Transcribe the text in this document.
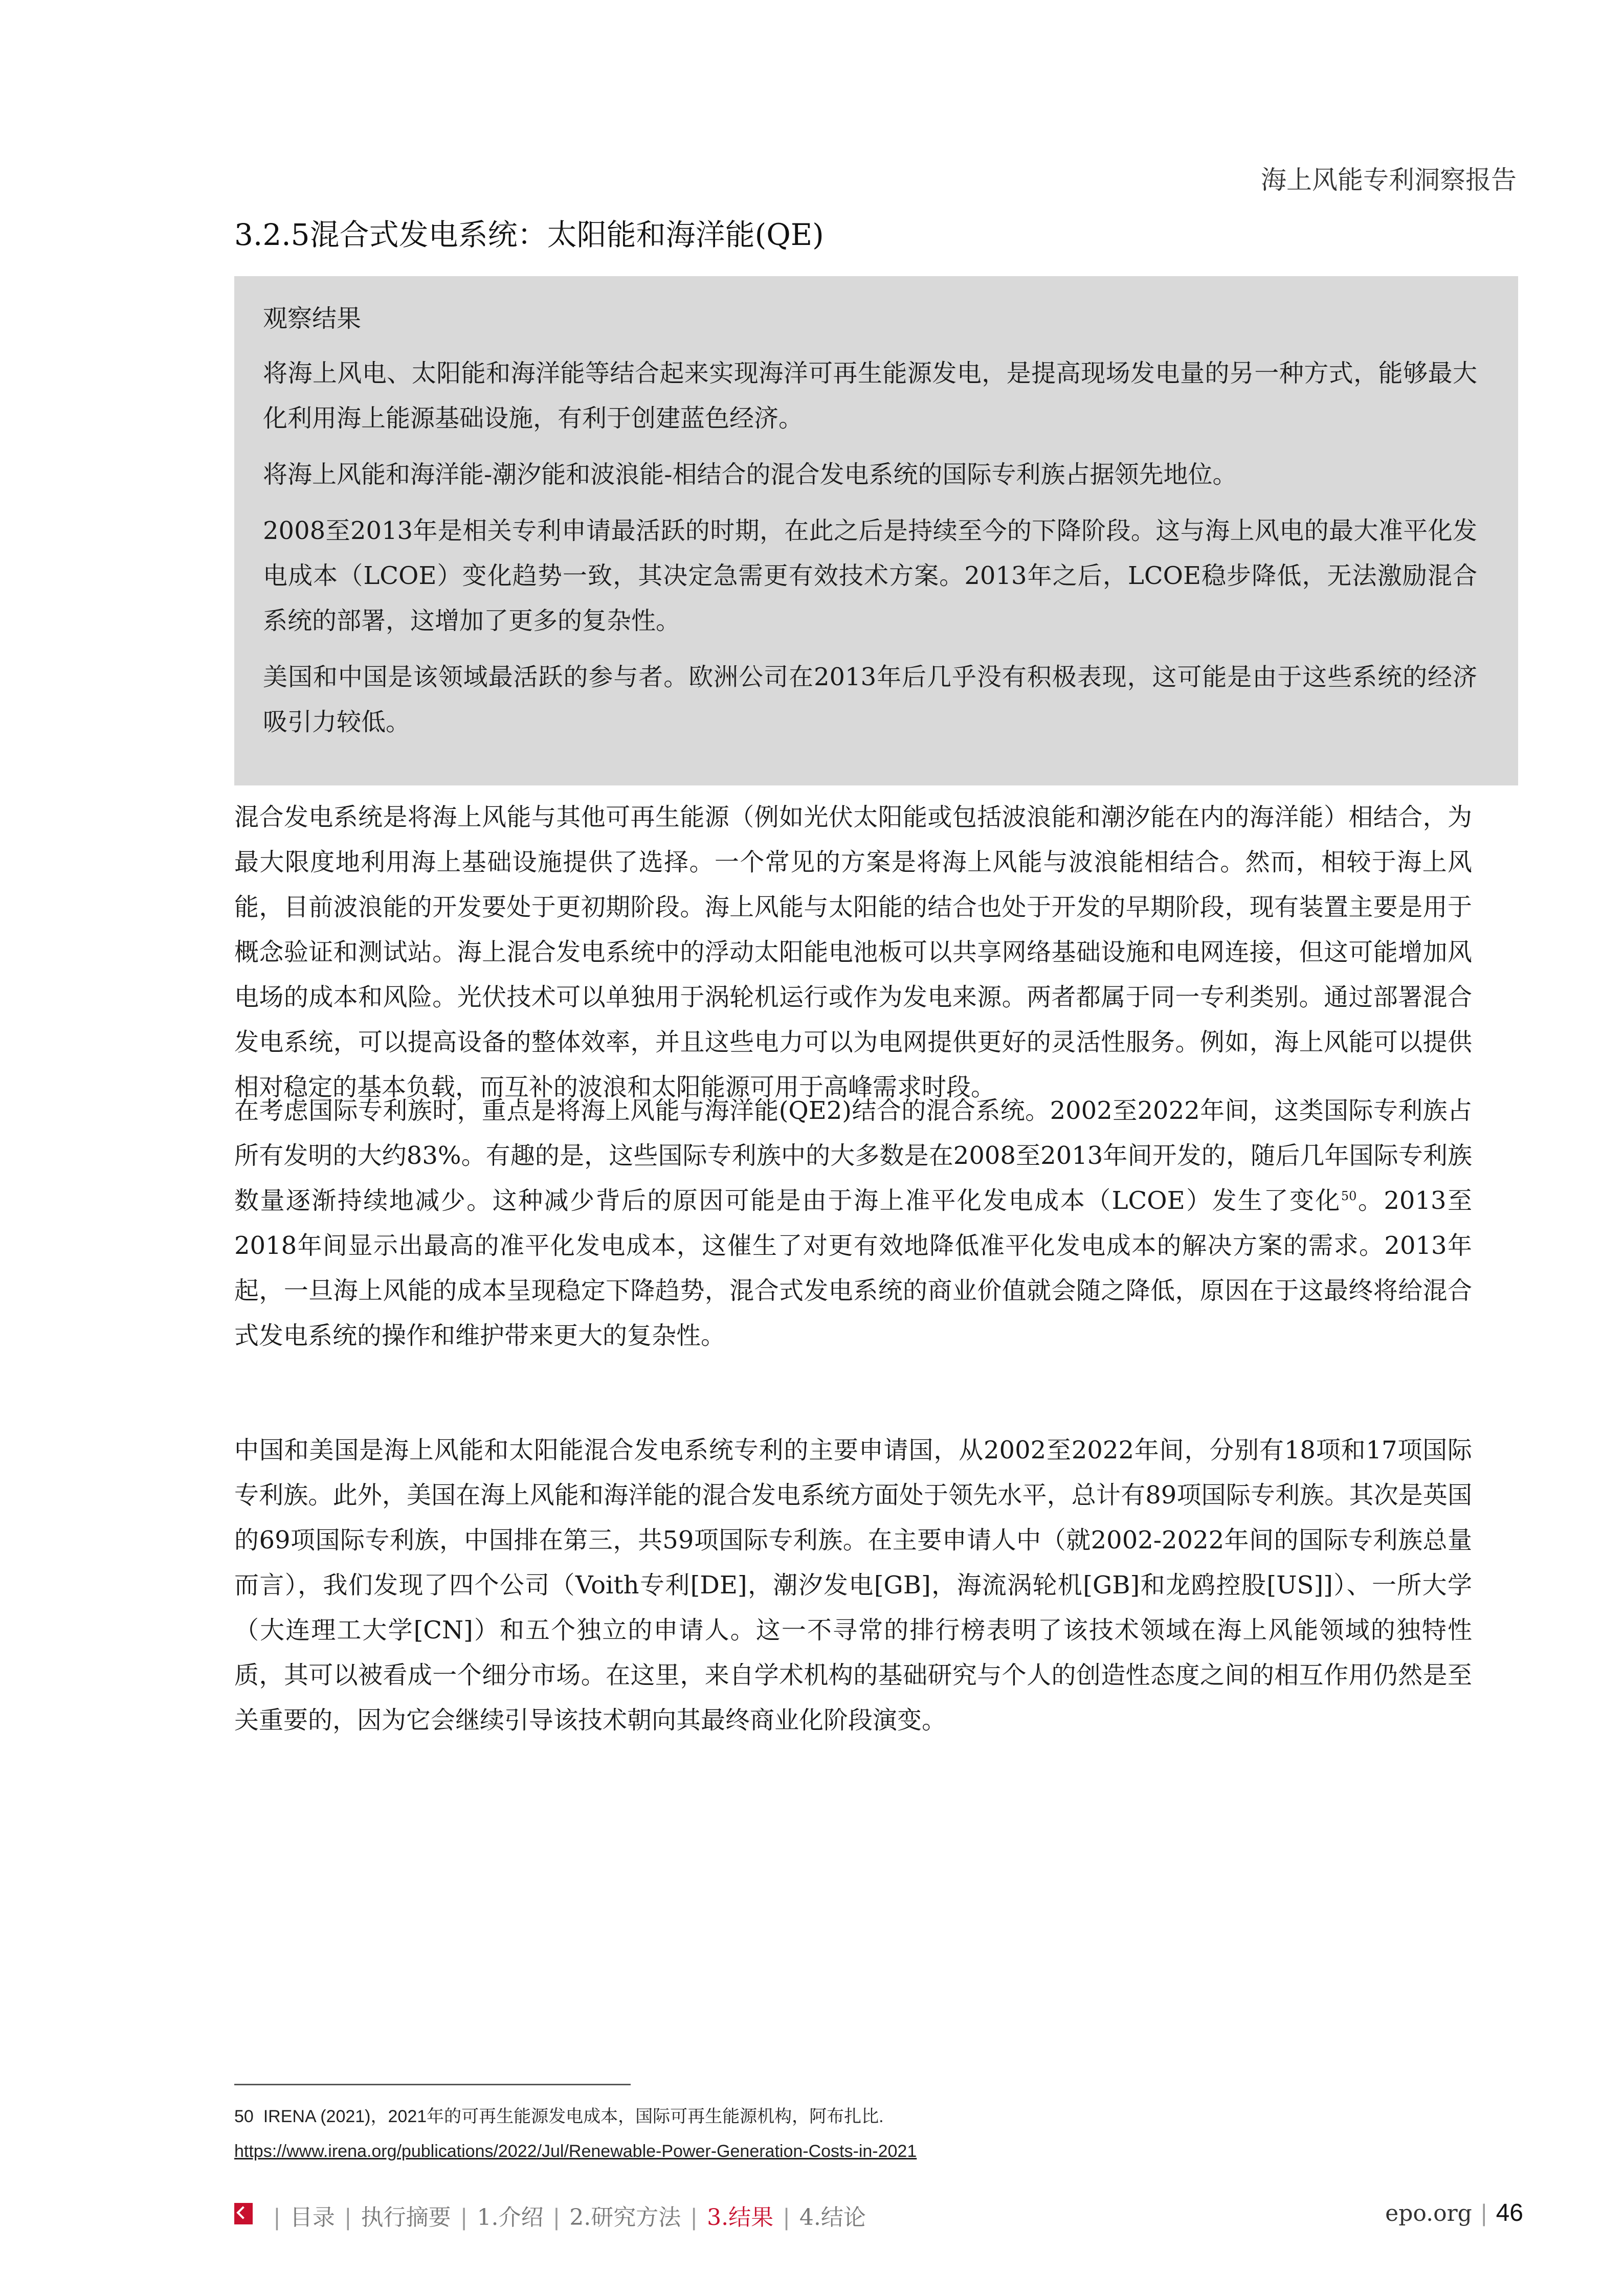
海上风能专利洞察报告
3.2.5混合式发电系统：太阳能和海洋能(QE)

观察结果

将海上风电、太阳能和海洋能等结合起来实现海洋可再生能源发电，是提高现场发电量的另一种方式，能够最大化利用海上能源基础设施，有利于创建蓝色经济。

将海上风能和海洋能-潮汐能和波浪能-相结合的混合发电系统的国际专利族占据领先地位。

2008至2013年是相关专利申请最活跃的时期，在此之后是持续至今的下降阶段。这与海上风电的最大准平化发电成本（LCOE）变化趋势一致，其决定急需更有效技术方案。2013年之后，LCOE稳步降低，无法激励混合系统的部署，这增加了更多的复杂性。

美国和中国是该领域最活跃的参与者。欧洲公司在2013年后几乎没有积极表现，这可能是由于这些系统的经济吸引力较低。

混合发电系统是将海上风能与其他可再生能源（例如光伏太阳能或包括波浪能和潮汐能在内的海洋能）相结合，为最大限度地利用海上基础设施提供了选择。一个常见的方案是将海上风能与波浪能相结合。然而，相较于海上风能，目前波浪能的开发要处于更初期阶段。海上风能与太阳能的结合也处于开发的早期阶段，现有装置主要是用于概念验证和测试站。海上混合发电系统中的浮动太阳能电池板可以共享网络基础设施和电网连接，但这可能增加风电场的成本和风险。光伏技术可以单独用于涡轮机运行或作为发电来源。两者都属于同一专利类别。通过部署混合发电系统，可以提高设备的整体效率，并且这些电力可以为电网提供更好的灵活性服务。例如，海上风能可以提供相对稳定的基本负载，而互补的波浪和太阳能源可用于高峰需求时段。

在考虑国际专利族时，重点是将海上风能与海洋能(QE2)结合的混合系统。2002至2022年间，这类国际专利族占所有发明的大约83%。有趣的是，这些国际专利族中的大多数是在2008至2013年间开发的，随后几年国际专利族数量逐渐持续地减少。这种减少背后的原因可能是由于海上准平化发电成本（LCOE）发生了变化$^{50}$。2013至2018年间显示出最高的准平化发电成本，这催生了对更有效地降低准平化发电成本的解决方案的需求。2013年起，一旦海上风能的成本呈现稳定下降趋势，混合式发电系统的商业价值就会随之降低，原因在于这最终将给混合式发电系统的操作和维护带来更大的复杂性。

中国和美国是海上风能和太阳能混合发电系统专利的主要申请国，从2002至2022年间，分别有18项和17项国际专利族。此外，美国在海上风能和海洋能的混合发电系统方面处于领先水平，总计有89项国际专利族。其次是英国的69项国际专利族，中国排在第三，共59项国际专利族。在主要申请人中（就2002-2022年间的国际专利族总量而言），我们发现了四个公司（Voith专利[DE]，潮汐发电[GB]，海流涡轮机[GB]和龙鸥控股[US]]）、一所大学（大连理工大学[CN]）和五个独立的申请人。这一不寻常的排行榜表明了该技术领域在海上风能领域的独特性质，其可以被看成一个细分市场。在这里，来自学术机构的基础研究与个人的创造性态度之间的相互作用仍然是至关重要的，因为它会继续引导该技术朝向其最终商业化阶段演变。

50 IRENA (2021)，2021年的可再生能源发电成本，国际可再生能源机构，阿布扎比.
https://www.irena.org/publications/2022/Jul/Renewable-Power-Generation-Costs-in-2021
| 目录 | 执行摘要 | 1.介绍 | 2.研究方法 | 3.结果 | 4.结论	epo.org | 46
